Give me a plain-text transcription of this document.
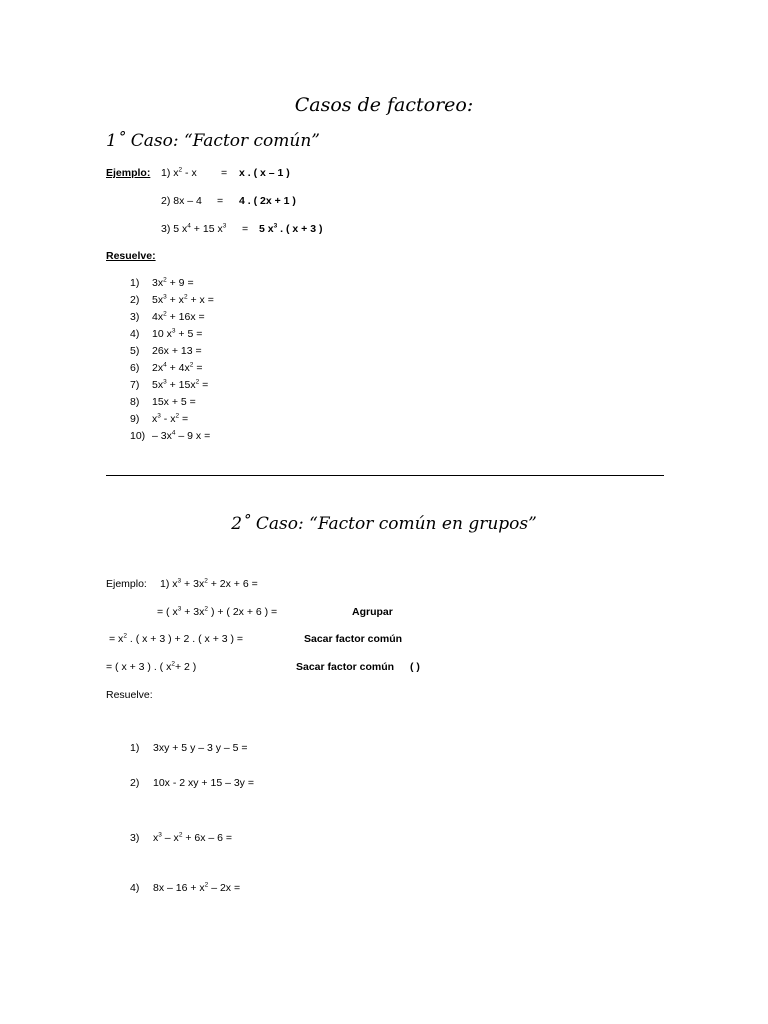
Casos de factoreo:
1˚ Caso: “Factor común”
Ejemplo: 1) $x^2 - x = x$ . ( x – 1 )
2) 8x – 4 = 4 . ( 2x + 1 )
3) 5 $x^4 + 15$ $x^3 = 5$ $x^3$ . ( x + 3 )
Resuelve:
1) $3x^2 + 9$ =
2) $5x^3 + x^2 + x$ =
3) $4x^2 + 16x$ =
4) 10 $x^3 + 5$ =
5) 26x + 13 =
6) $2x^4 + 4x^2$ =
7) $5x^3 + 15x^2$ =
8) 15x + 5 =
9) $x^3 - x^2$ =
$10) - 3x^4 - 9$ x =
2˚ Caso: “Factor común en grupos”
Ejemplo: 1) $x^3 + 3x^2 + 2x + 6$ =
= ( $x^3 + 3x^2$ ) + ( 2x + 6 ) =	Agrupar
= $x^2$ . ( x + 3 ) + 2 . ( x + 3 ) =	Sacar factor común
= ( x + 3 ) . ( $x^2+ 2$ )	Sacar factor común ( )
Resuelve:
1) 3xy + 5 y – 3 y – 5 =
2) 10x - 2 xy + 15 – 3y =
3) $x^3 - x^2 + 6x - 6$ =
4) $8x - 16 + x^2 - 2x$ =
